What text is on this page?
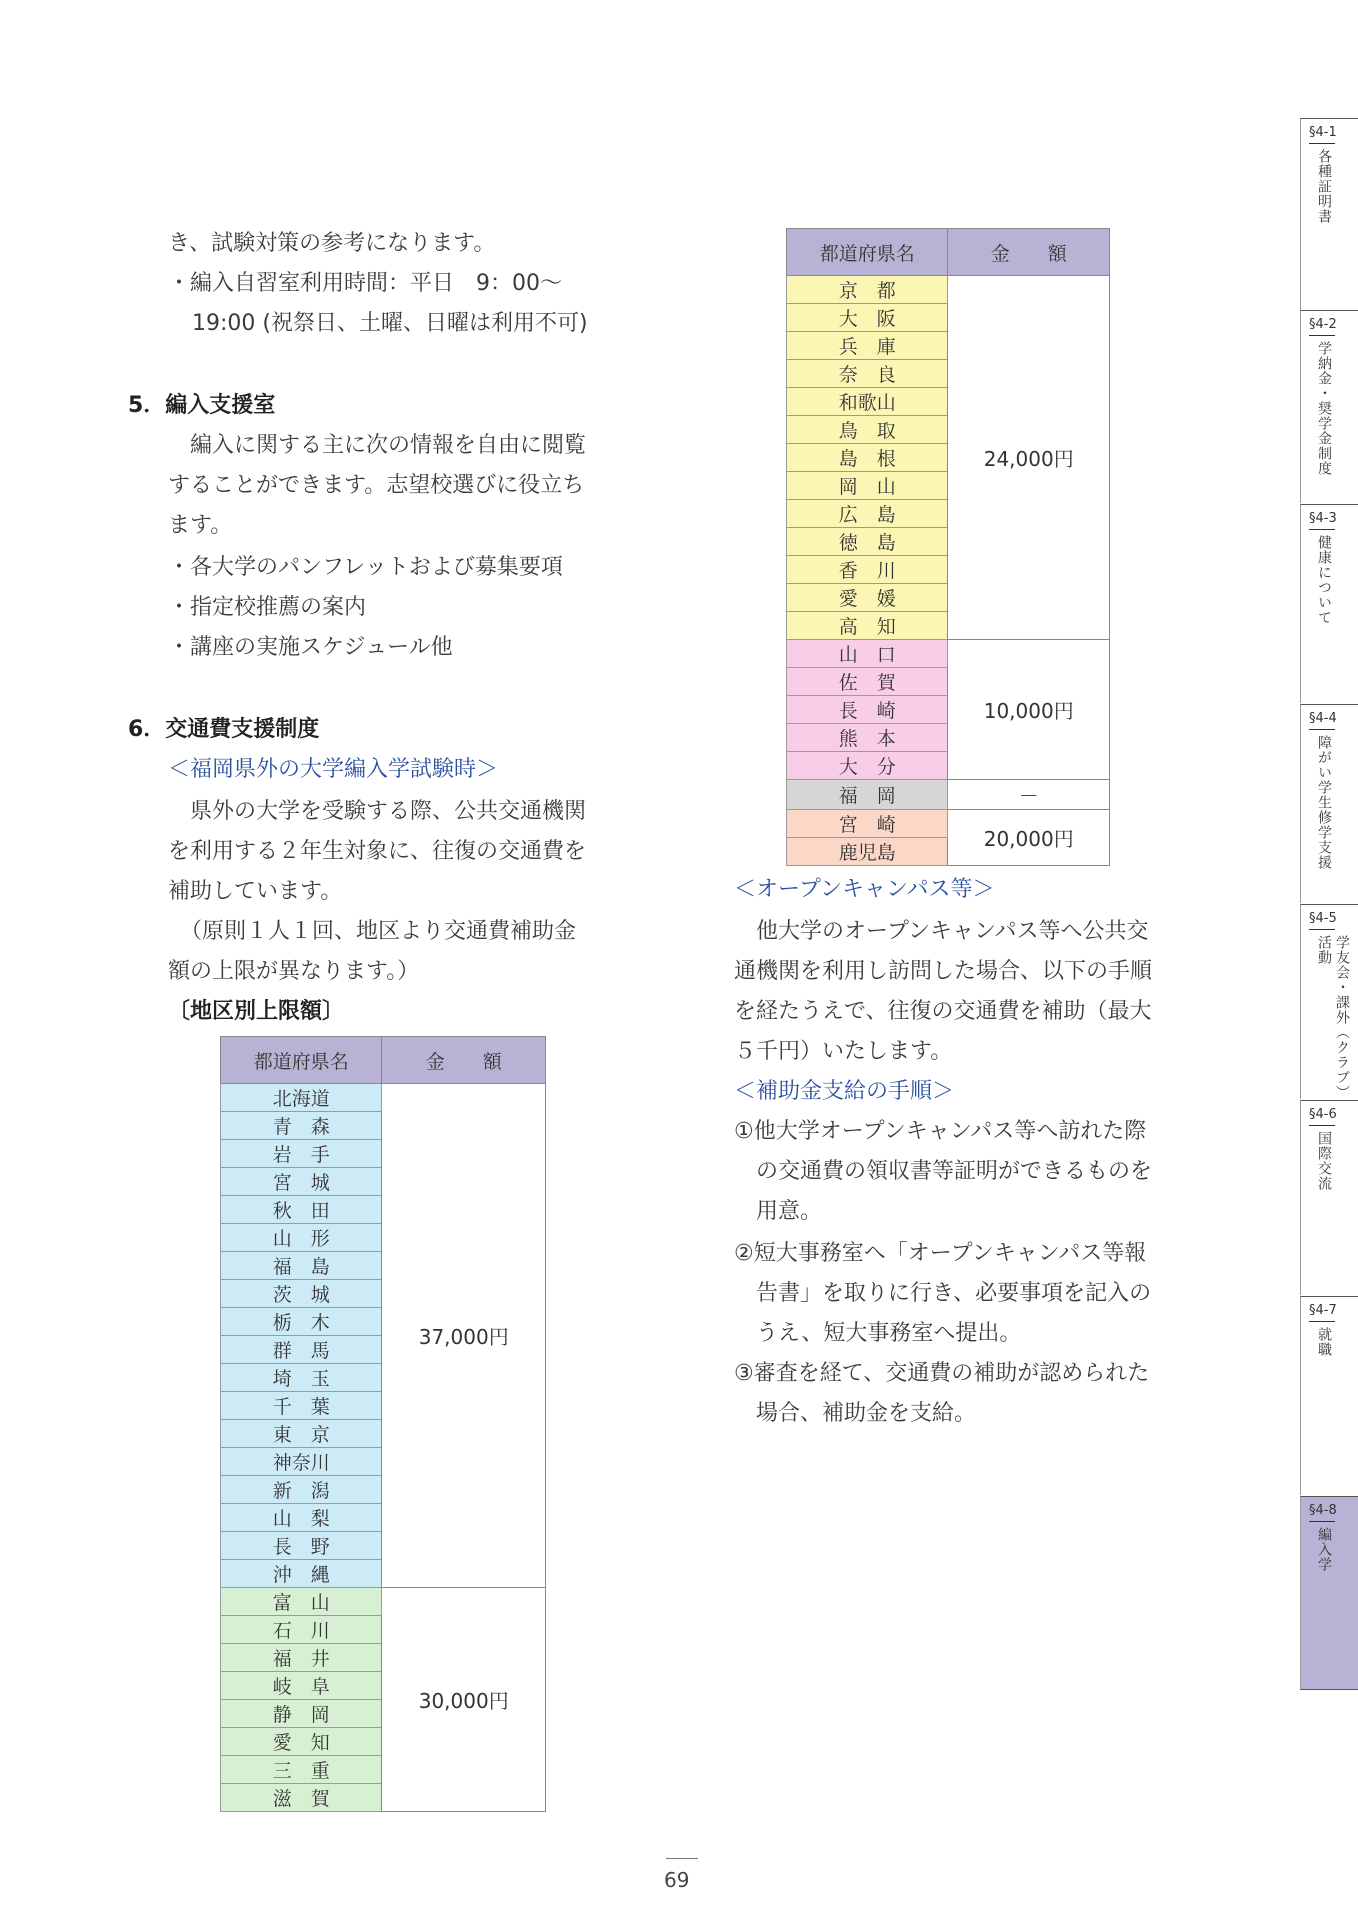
き、試験対策の参考になります。
・編入自習室利用時間：平日　9：00～
19:00 (祝祭日、土曜、日曜は利用不可)
5．編入支援室
編入に関する主に次の情報を自由に閲覧
することができます。志望校選びに役立ち
ます。
・各大学のパンフレットおよび募集要項
・指定校推薦の案内
・講座の実施スケジュール他
6．交通費支援制度
＜福岡県外の大学編入学試験時＞
県外の大学を受験する際、公共交通機関
を利用する２年生対象に、往復の交通費を
補助しています。
（原則１人１回、地区より交通費補助金
額の上限が異なります。）
〔地区別上限額〕
都道府県名	金　　額
北海道	37,000円
青　森	
岩　手	
宮　城	
秋　田	
山　形	
福　島	
茨　城	
栃　木	
群　馬	
埼　玉	
千　葉	
東　京	
神奈川	
新　潟	
山　梨	
長　野	
沖　縄	
富　山	30,000円
石　川	
福　井	
岐　阜	
静　岡	
愛　知	
三　重	
滋　賀	
都道府県名	金　　額
京　都	24,000円
大　阪	
兵　庫	
奈　良	
和歌山	
鳥　取	
島　根	
岡　山	
広　島	
徳　島	
香　川	
愛　媛	
高　知	
山　口	10,000円
佐　賀	
長　崎	
熊　本	
大　分	
福　岡	－
宮　崎	20,000円
鹿児島	
＜オープンキャンパス等＞
他大学のオープンキャンパス等へ公共交
通機関を利用し訪問した場合、以下の手順
を経たうえで、往復の交通費を補助（最大
５千円）いたします。
＜補助金支給の手順＞
①他大学オープンキャンパス等へ訪れた際
の交通費の領収書等証明ができるものを
用意。
②短大事務室へ「オープンキャンパス等報
告書」を取りに行き、必要事項を記入の
うえ、短大事務室へ提出。
③審査を経て、交通費の補助が認められた
場合、補助金を支給。
§4-1
各種証明書
§4-2
学納金・奨学金制度
§4-3
健康について
§4-4
障がい学生修学支援
§4-5
学友会・課外（クラブ）活動
§4-6
国際交流
§4-7
就職
§4-8
編入学
69
